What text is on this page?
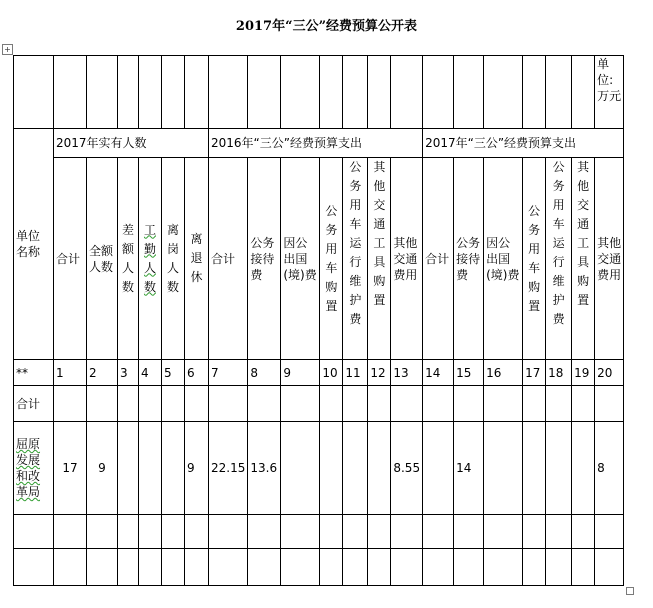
2017年“三公”经费预算公开表
+
																				单位:万元
单位名称	2017年实有人数						2016年“三公”经费预算支出							2017年“三公”经费预算支出						
	合计	全额人数	差额人数	工勤人数	离岗人数	离退休	合计	公务接待费	因公出国(境)费	公务用车购置	公务用车运行维护费	其他交通工具购置	其他交通费用	合计	公务接待费	因公出国(境)费	公务用车购置	公务用车运行维护费	其他交通工具购置	其他交通费用
**	1	2	3	4	5	6	7	8	9	10	11	12	13	14	15	16	17	18	19	20
合计																				
屈原发展和改革局	17	9				9	22.15	13.6					8.55		14					8
